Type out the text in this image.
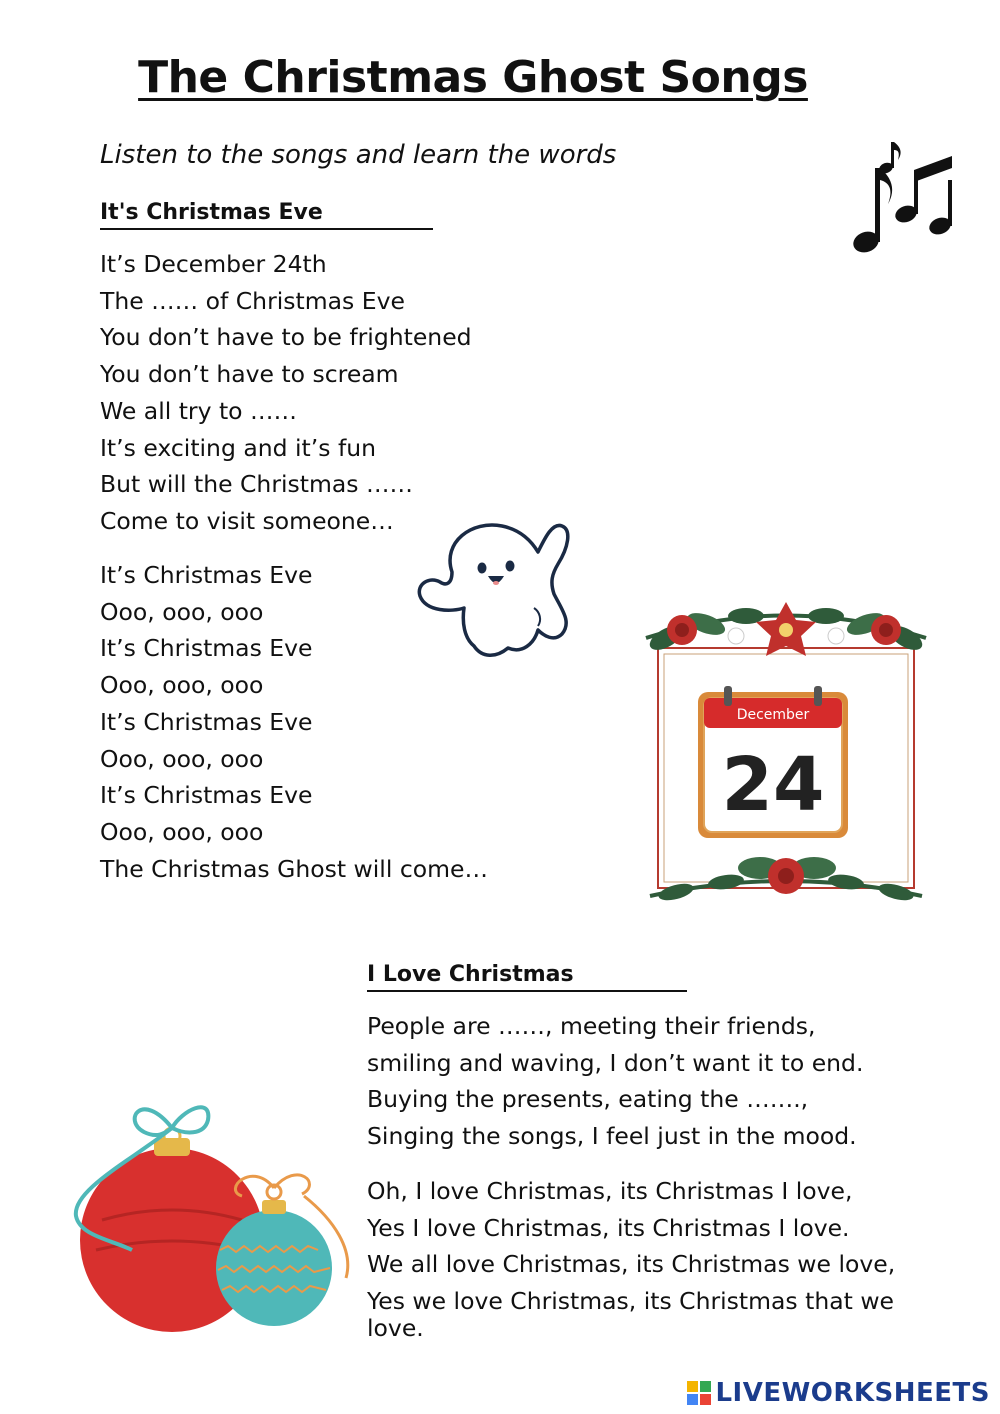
The Christmas Ghost Songs
Listen to the songs and learn the words
It's Christmas Eve
It’s December 24th
The …… of Christmas Eve
You don’t have to be frightened
You don’t have to scream
We all try to ……
It’s exciting and it’s fun
But will the Christmas ……
Come to visit someone…
It’s Christmas Eve
Ooo, ooo, ooo
It’s Christmas Eve
Ooo, ooo, ooo
It’s Christmas Eve
Ooo, ooo, ooo
It’s Christmas Eve
Ooo, ooo, ooo
The Christmas Ghost will come…
December
24
I Love Christmas
People are ……, meeting their friends,
smiling and waving, I don’t want it to end.
Buying the presents, eating the …….,
Singing the songs, I feel just in the mood.
Oh, I love Christmas, its Christmas I love,
Yes I love Christmas, its Christmas I love.
We all love Christmas, its Christmas we love,
Yes we love Christmas, its Christmas that we
love.
LIVEWORKSHEETS
